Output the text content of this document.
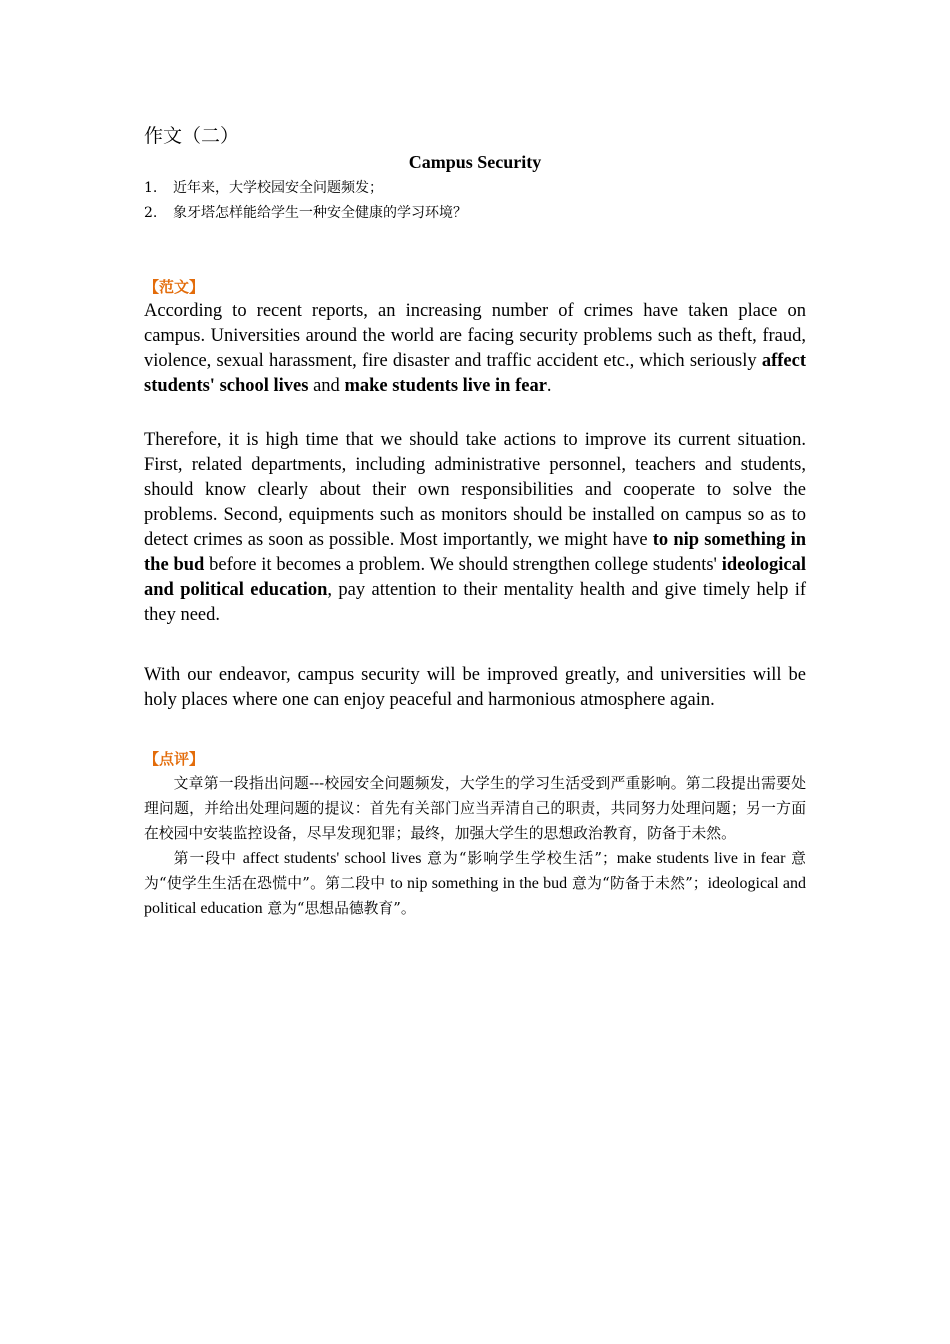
作文（二）
Campus Security
1.	近年来，大学校园安全问题频发；
2.	象牙塔怎样能给学生一种安全健康的学习环境？
【范文】

According to recent reports, an increasing number of crimes have taken place on campus. Universities around the world are facing security problems such as theft, fraud, violence, sexual harassment, fire disaster and traffic accident etc., which seriously affect students' school lives and make students live in fear.

Therefore, it is high time that we should take actions to improve its current situation. First, related departments, including administrative personnel, teachers and students, should know clearly about their own responsibilities and cooperate to solve the problems. Second, equipments such as monitors should be installed on campus so as to detect crimes as soon as possible. Most importantly, we might have to nip something in the bud before it becomes a problem. We should strengthen college students' ideological and political education, pay attention to their mentality health and give timely help if they need.

With our endeavor, campus security will be improved greatly, and universities will be holy places where one can enjoy peaceful and harmonious atmosphere again.

【点评】

文章第一段指出问题---校园安全问题频发，大学生的学习生活受到严重影响。第二段提出需要处理问题，并给出处理问题的提议：首先有关部门应当弄清自己的职责，共同努力处理问题；另一方面在校园中安装监控设备，尽早发现犯罪；最终，加强大学生的思想政治教育，防备于未然。

第一段中 affect students' school lives 意为“影响学生学校生活”；make students live in fear 意为“使学生生活在恐慌中”。第二段中 to nip something in the bud 意为“防备于未然”；ideological and political education 意为“思想品德教育”。
